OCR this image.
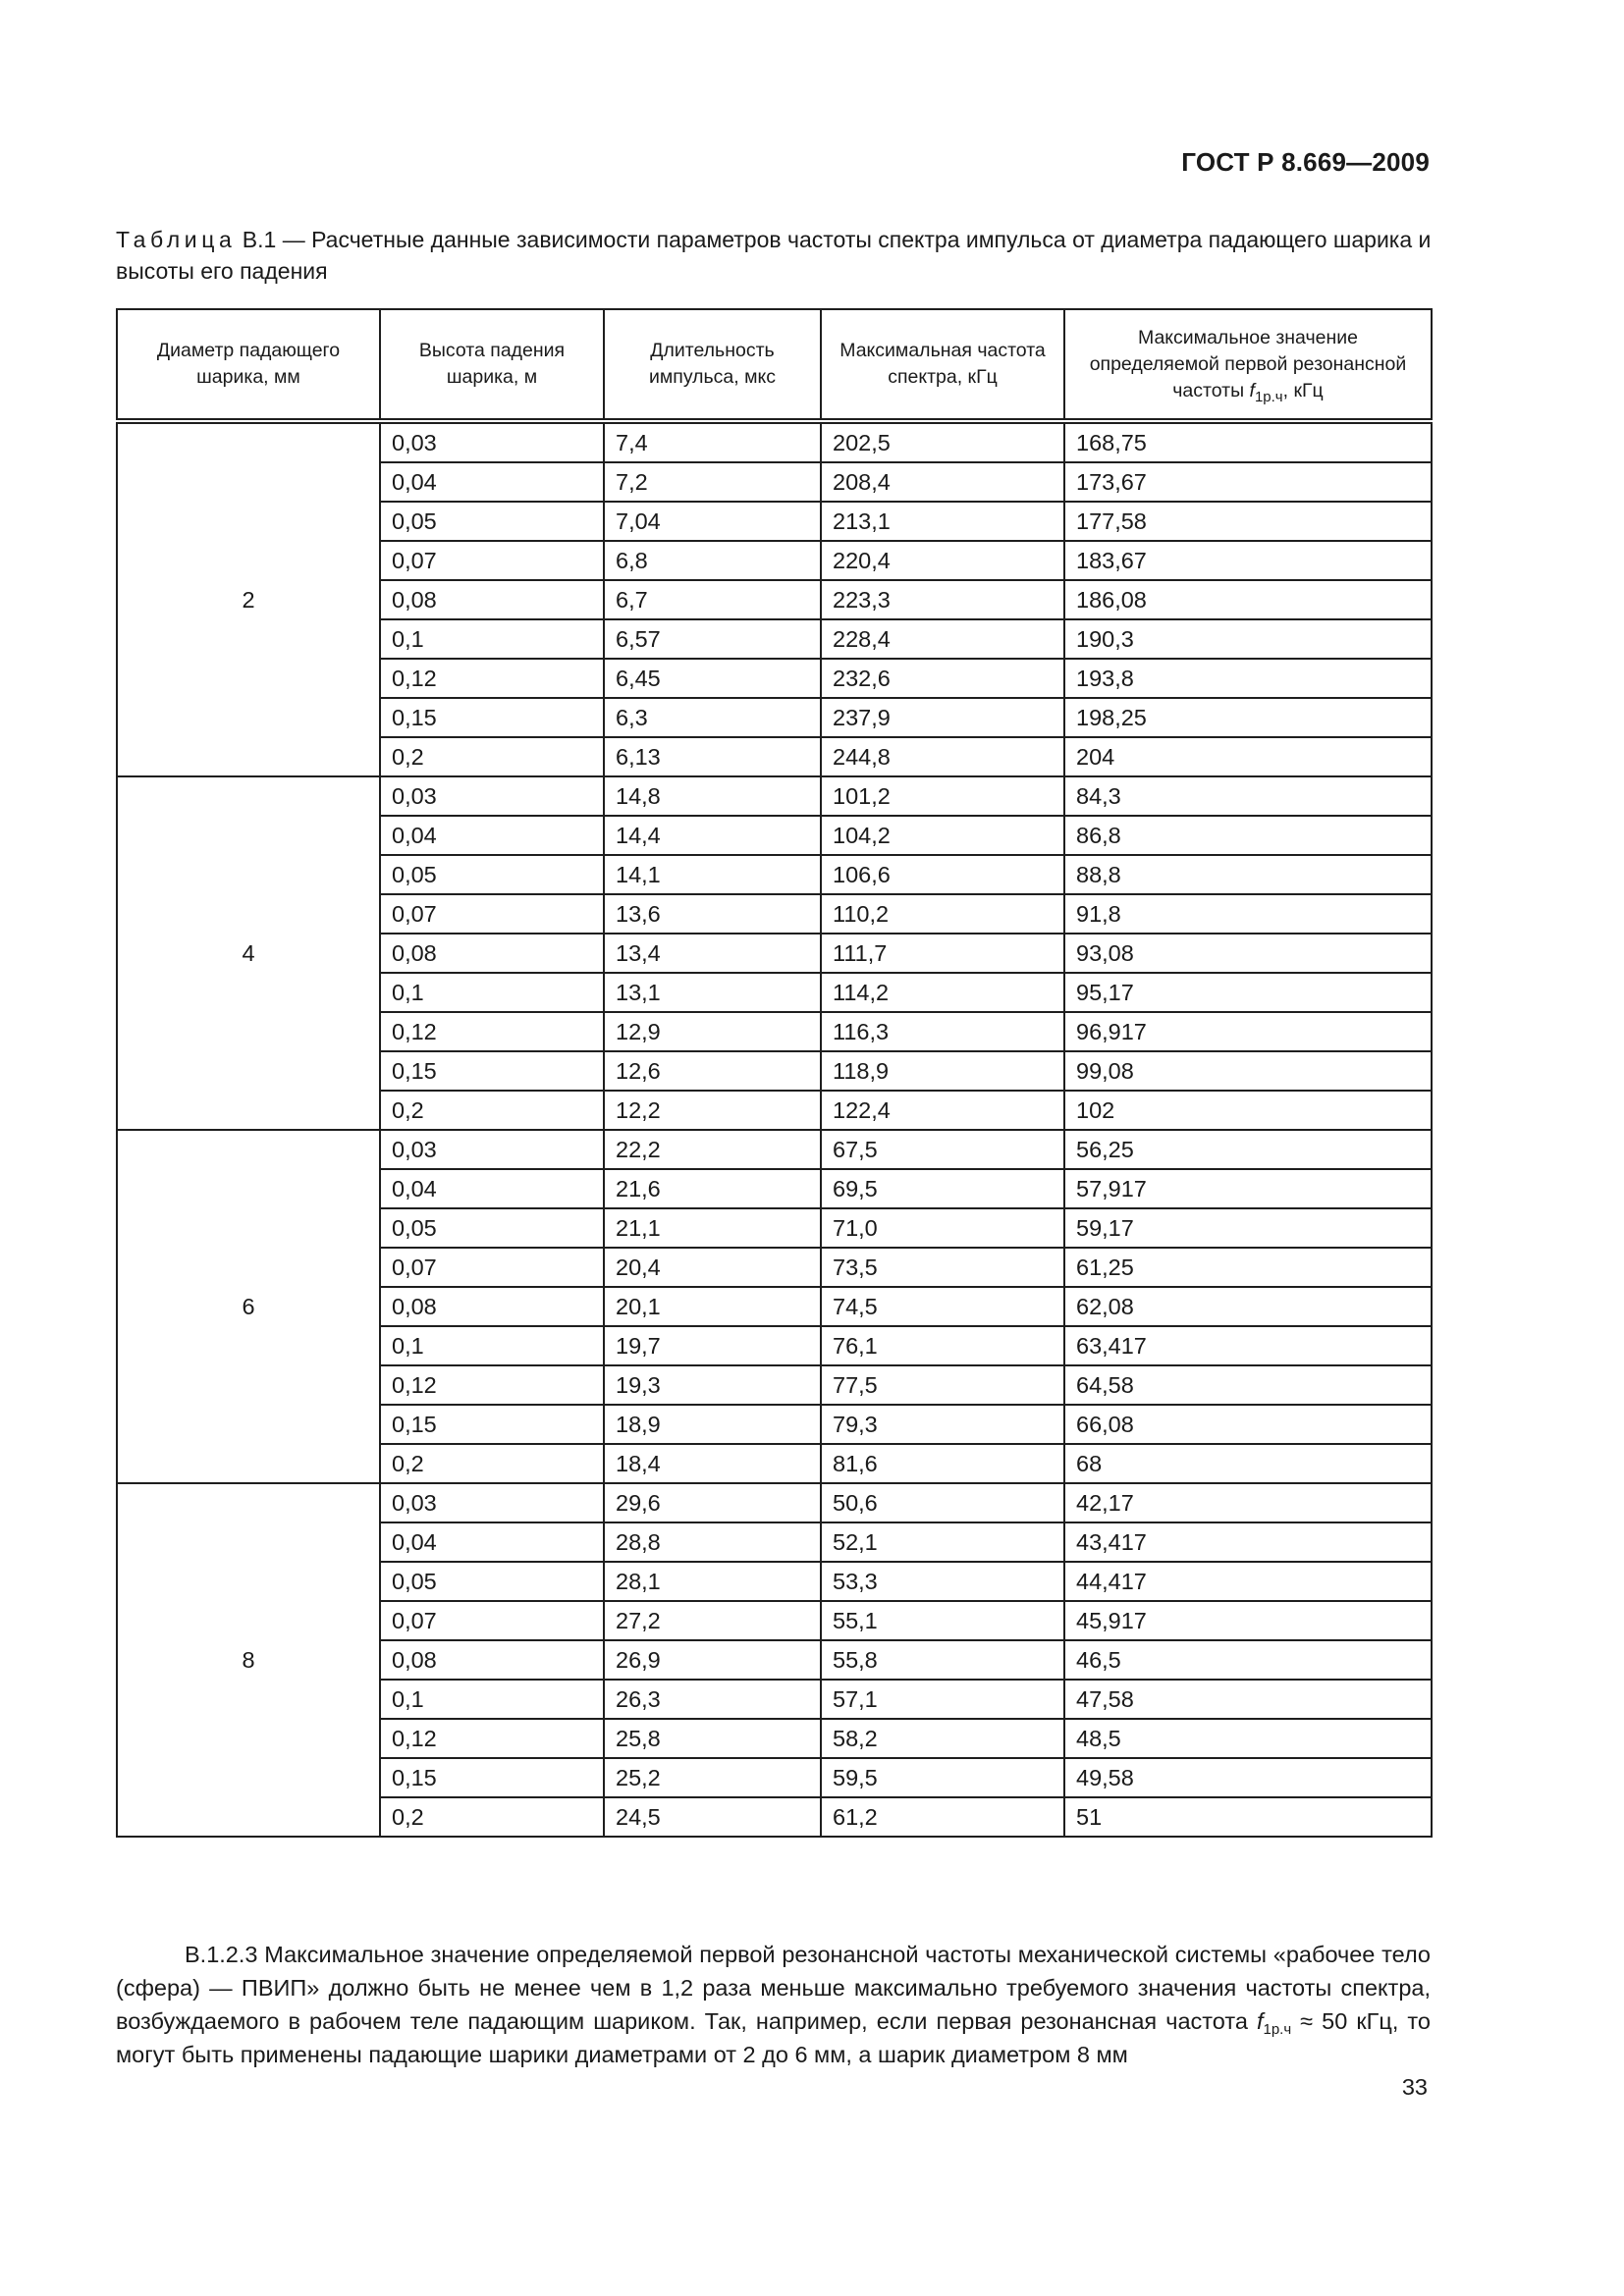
ГОСТ Р 8.669—2009
Таблица В.1 — Расчетные данные зависимости параметров частоты спектра импульса от диаметра падающего шарика и высоты его падения
Диаметр падающего шарика, мм	Высота падения шарика, м	Длительность импульса, мкс	Максимальная частота спектра, кГц	Максимальное значение определяемой первой резонансной частоты $f_{1р.ч}$, кГц
2	0,03	7,4	202,5	168,75
	0,04	7,2	208,4	173,67
	0,05	7,04	213,1	177,58
	0,07	6,8	220,4	183,67
	0,08	6,7	223,3	186,08
	0,1	6,57	228,4	190,3
	0,12	6,45	232,6	193,8
	0,15	6,3	237,9	198,25
	0,2	6,13	244,8	204
4	0,03	14,8	101,2	84,3
	0,04	14,4	104,2	86,8
	0,05	14,1	106,6	88,8
	0,07	13,6	110,2	91,8
	0,08	13,4	111,7	93,08
	0,1	13,1	114,2	95,17
	0,12	12,9	116,3	96,917
	0,15	12,6	118,9	99,08
	0,2	12,2	122,4	102
6	0,03	22,2	67,5	56,25
	0,04	21,6	69,5	57,917
	0,05	21,1	71,0	59,17
	0,07	20,4	73,5	61,25
	0,08	20,1	74,5	62,08
	0,1	19,7	76,1	63,417
	0,12	19,3	77,5	64,58
	0,15	18,9	79,3	66,08
	0,2	18,4	81,6	68
8	0,03	29,6	50,6	42,17
	0,04	28,8	52,1	43,417
	0,05	28,1	53,3	44,417
	0,07	27,2	55,1	45,917
	0,08	26,9	55,8	46,5
	0,1	26,3	57,1	47,58
	0,12	25,8	58,2	48,5
	0,15	25,2	59,5	49,58
	0,2	24,5	61,2	51

В.1.2.3 Максимальное значение определяемой первой резонансной частоты механической системы «рабочее тело (сфера) — ПВИП» должно быть не менее чем в 1,2 раза меньше максимально требуемого значения частоты спектра, возбуждаемого в рабочем теле падающим шариком. Так, например, если первая резонансная частота $f_{1р.ч} \approx 50$ кГц, то могут быть применены падающие шарики диаметрами от 2 до 6 мм, а шарик диаметром 8 мм

33
